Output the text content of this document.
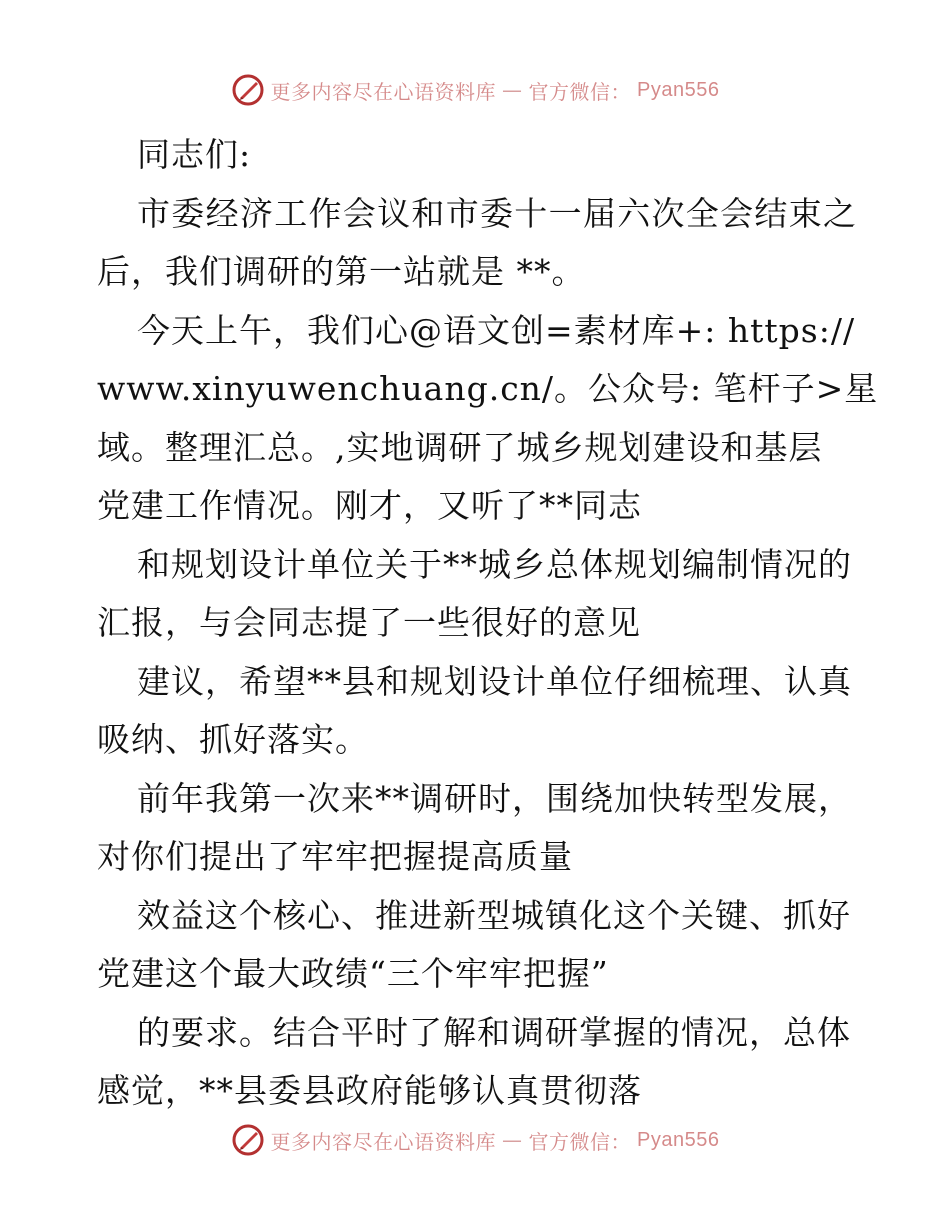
更多内容尽在心语资料库 — 官方微信： Pyan556
同志们:
市委经济工作会议和市委十一届六次全会结束之
后，我们调研的第一站就是 **。
今天上午，我们心@语文创=素材库+: https://
www.xinyuwenchuang.cn/。公众号: 笔杆子>星
域。整理汇总。,实地调研了城乡规划建设和基层
党建工作情况。刚才，又听了**同志
和规划设计单位关于**城乡总体规划编制情况的
汇报，与会同志提了一些很好的意见
建议，希望**县和规划设计单位仔细梳理、认真
吸纳、抓好落实。
前年我第一次来**调研时，围绕加快转型发展，
对你们提出了牢牢把握提高质量
效益这个核心、推进新型城镇化这个关键、抓好
党建这个最大政绩“三个牢牢把握”
的要求。结合平时了解和调研掌握的情况，总体
感觉，**县委县政府能够认真贯彻落
更多内容尽在心语资料库 — 官方微信： Pyan556
